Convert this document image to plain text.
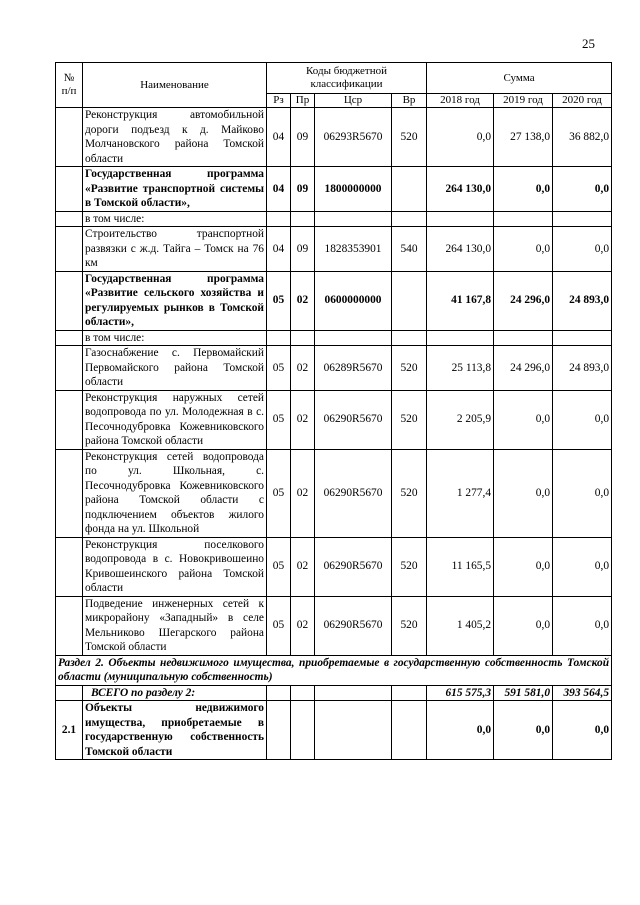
25
№ п/п	Наименование	Коды бюджетной классификации				Сумма		
		Рз	Пр	Цср	Вр	2018 год	2019 год	2020 год
	Реконструкция автомобильной дороги подъезд к д. Майково Молчановского района Томской области	04	09	06293R5670	520	0,0	27 138,0	36 882,0
	Государственная программа «Развитие транспортной системы в Томской области»,	04	09	1800000000		264 130,0	0,0	0,0
	в том числе:							
	Строительство транспортной развязки с ж.д. Тайга – Томск на 76 км	04	09	1828353901	540	264 130,0	0,0	0,0
	Государственная программа «Развитие сельского хозяйства и регулируемых рынков в Томской области»,	05	02	0600000000		41 167,8	24 296,0	24 893,0
	в том числе:							
	Газоснабжение с. Первомайский Первомайского района Томской области	05	02	06289R5670	520	25 113,8	24 296,0	24 893,0
	Реконструкция наружных сетей водопровода по ул. Молодежная в с. Песочнодубровка Кожевниковского района Томской области	05	02	06290R5670	520	2 205,9	0,0	0,0
	Реконструкция сетей водопровода по ул. Школьная, с. Песочнодубровка Кожевниковского района Томской области с подключением объектов жилого фонда на ул. Школьной	05	02	06290R5670	520	1 277,4	0,0	0,0
	Реконструкция поселкового водопровода в с. Новокривошеино Кривошеинского района Томской области	05	02	06290R5670	520	11 165,5	0,0	0,0
	Подведение инженерных сетей к микрорайону «Западный» в селе Мельниково Шегарского района Томской области	05	02	06290R5670	520	1 405,2	0,0	0,0
Раздел 2. Объекты недвижимого имущества, приобретаемые в государственную собственность Томской области (муниципальную собственность)								
	ВСЕГО по разделу 2:					615 575,3	591 581,0	393 564,5
2.1	Объекты недвижимого имущества, приобретаемые в государственную собственность Томской области					0,0	0,0	0,0
